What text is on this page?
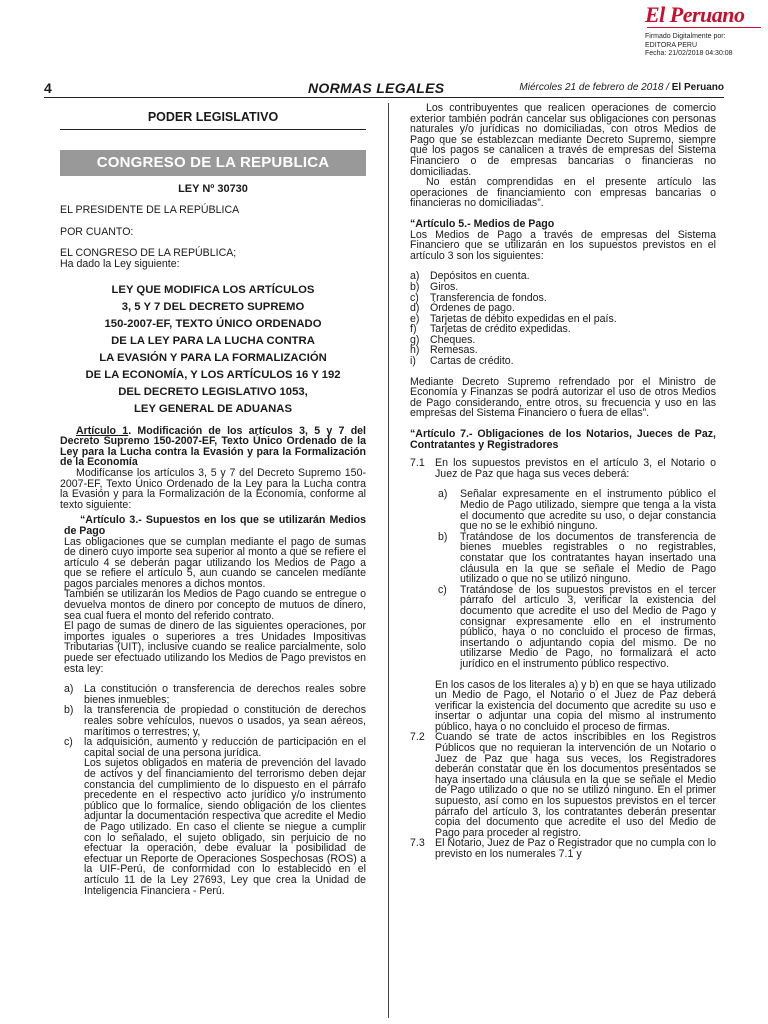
El Peruano
Firmado Digitalmente por:
EDITORA PERU
Fecha: 21/02/2018 04:30:08
4	NORMAS LEGALES	Miércoles 21 de febrero de 2018 / El Peruano
PODER LEGISLATIVO
CONGRESO DE LA REPUBLICA
LEY Nº 30730

EL PRESIDENTE DE LA REPÚBLICA

POR CUANTO:

EL CONGRESO DE LA REPÚBLICA;

Ha dado la Ley siguiente:

LEY QUE MODIFICA LOS ARTÍCULOS
3, 5 Y 7 DEL DECRETO SUPREMO
150-2007-EF, TEXTO ÚNICO ORDENADO
DE LA LEY PARA LA LUCHA CONTRA
LA EVASIÓN Y PARA LA FORMALIZACIÓN
DE LA ECONOMÍA, Y LOS ARTÍCULOS 16 Y 192
DEL DECRETO LEGISLATIVO 1053,
LEY GENERAL DE ADUANAS

Artículo 1. Modificación de los artículos 3, 5 y 7 del Decreto Supremo 150-2007-EF, Texto Único Ordenado de la Ley para la Lucha contra la Evasión y para la Formalización de la Economía

Modifícanse los artículos 3, 5 y 7 del Decreto Supremo 150-2007-EF, Texto Único Ordenado de la Ley para la Lucha contra la Evasión y para la Formalización de la Economía, conforme al texto siguiente:

“Artículo 3.- Supuestos en los que se utilizarán Medios de Pago

Las obligaciones que se cumplan mediante el pago de sumas de dinero cuyo importe sea superior al monto a que se refiere el artículo 4 se deberán pagar utilizando los Medios de Pago a que se refiere el artículo 5, aun cuando se cancelen mediante pagos parciales menores a dichos montos.

También se utilizarán los Medios de Pago cuando se entregue o devuelva montos de dinero por concepto de mutuos de dinero, sea cual fuera el monto del referido contrato.

El pago de sumas de dinero de las siguientes operaciones, por importes iguales o superiores a tres Unidades Impositivas Tributarias (UIT), inclusive cuando se realice parcialmente, solo puede ser efectuado utilizando los Medios de Pago previstos en esta ley:

a) La constitución o transferencia de derechos reales sobre bienes inmuebles;
b) la transferencia de propiedad o constitución de derechos reales sobre vehículos, nuevos o usados, ya sean aéreos, marítimos o terrestres; y,
c)	la adquisición, aumento y reducción de participación en el capital social de una persona jurídica.

Los sujetos obligados en materia de prevención del lavado de activos y del financiamiento del terrorismo deben dejar constancia del cumplimiento de lo dispuesto en el párrafo precedente en el respectivo acto jurídico y/o instrumento público que lo formalice, siendo obligación de los clientes adjuntar la documentación respectiva que acredite el Medio de Pago utilizado. En caso el cliente se niegue a cumplir con lo señalado, el sujeto obligado, sin perjuicio de no efectuar la operación, debe evaluar la posibilidad de efectuar un Reporte de Operaciones Sospechosas (ROS) a la UIF-Perú, de conformidad con lo establecido en el artículo 11 de la Ley 27693, Ley que crea la Unidad de Inteligencia Financiera - Perú.

Los contribuyentes que realicen operaciones de comercio exterior también podrán cancelar sus obligaciones con personas naturales y/o jurídicas no domiciliadas, con otros Medios de Pago que se establezcan mediante Decreto Supremo, siempre que los pagos se canalicen a través de empresas del Sistema Financiero o de empresas bancarias o financieras no domiciliadas.

No están comprendidas en el presente artículo las operaciones de financiamiento con empresas bancarias o financieras no domiciliadas”.

“Artículo 5.- Medios de Pago

Los Medios de Pago a través de empresas del Sistema Financiero que se utilizarán en los supuestos previstos en el artículo 3 son los siguientes:

a) Depósitos en cuenta.
b) Giros.
c)	Transferencia de fondos.
d) Órdenes de pago.
e) Tarjetas de débito expedidas en el país.
f)	Tarjetas de crédito expedidas.
g) Cheques.
h) Remesas.
i)	Cartas de crédito.

Mediante Decreto Supremo refrendado por el Ministro de Economía y Finanzas se podrá autorizar el uso de otros Medios de Pago considerando, entre otros, su frecuencia y uso en las empresas del Sistema Financiero o fuera de ellas”.

“Artículo 7.- Obligaciones de los Notarios, Jueces de Paz, Contratantes y Registradores

7.1 En los supuestos previstos en el artículo 3, el Notario o Juez de Paz que haga sus veces deberá:
a)	Señalar expresamente en el instrumento público el Medio de Pago utilizado, siempre que tenga a la vista el documento que acredite su uso, o dejar constancia que no se le exhibió ninguno.
b)	Tratándose de los documentos de transferencia de bienes muebles registrables o no registrables, constatar que los contratantes hayan insertado una cláusula en la que se señale el Medio de Pago utilizado o que no se utilizó ninguno.
c)	Tratándose de los supuestos previstos en el tercer párrafo del artículo 3, verificar la existencia del documento que acredite el uso del Medio de Pago y consignar expresamente ello en el instrumento público, haya o no concluido el proceso de firmas, insertando o adjuntando copia del mismo. De no utilizarse Medio de Pago, no formalizará el acto jurídico en el instrumento público respectivo.

En los casos de los literales a) y b) en que se haya utilizado un Medio de Pago, el Notario o el Juez de Paz deberá verificar la existencia del documento que acredite su uso e insertar o adjuntar una copia del mismo al instrumento público, haya o no concluido el proceso de firmas.

7.2 Cuando se trate de actos inscribibles en los Registros Públicos que no requieran la intervención de un Notario o Juez de Paz que haga sus veces, los Registradores deberán constatar que en los documentos presentados se haya insertado una cláusula en la que se señale el Medio de Pago utilizado o que no se utilizó ninguno. En el primer supuesto, así como en los supuestos previstos en el tercer párrafo del artículo 3, los contratantes deberán presentar copia del documento que acredite el uso del Medio de Pago para proceder al registro.
7.3 El Notario, Juez de Paz o Registrador que no cumpla con lo previsto en los numerales 7.1 y
